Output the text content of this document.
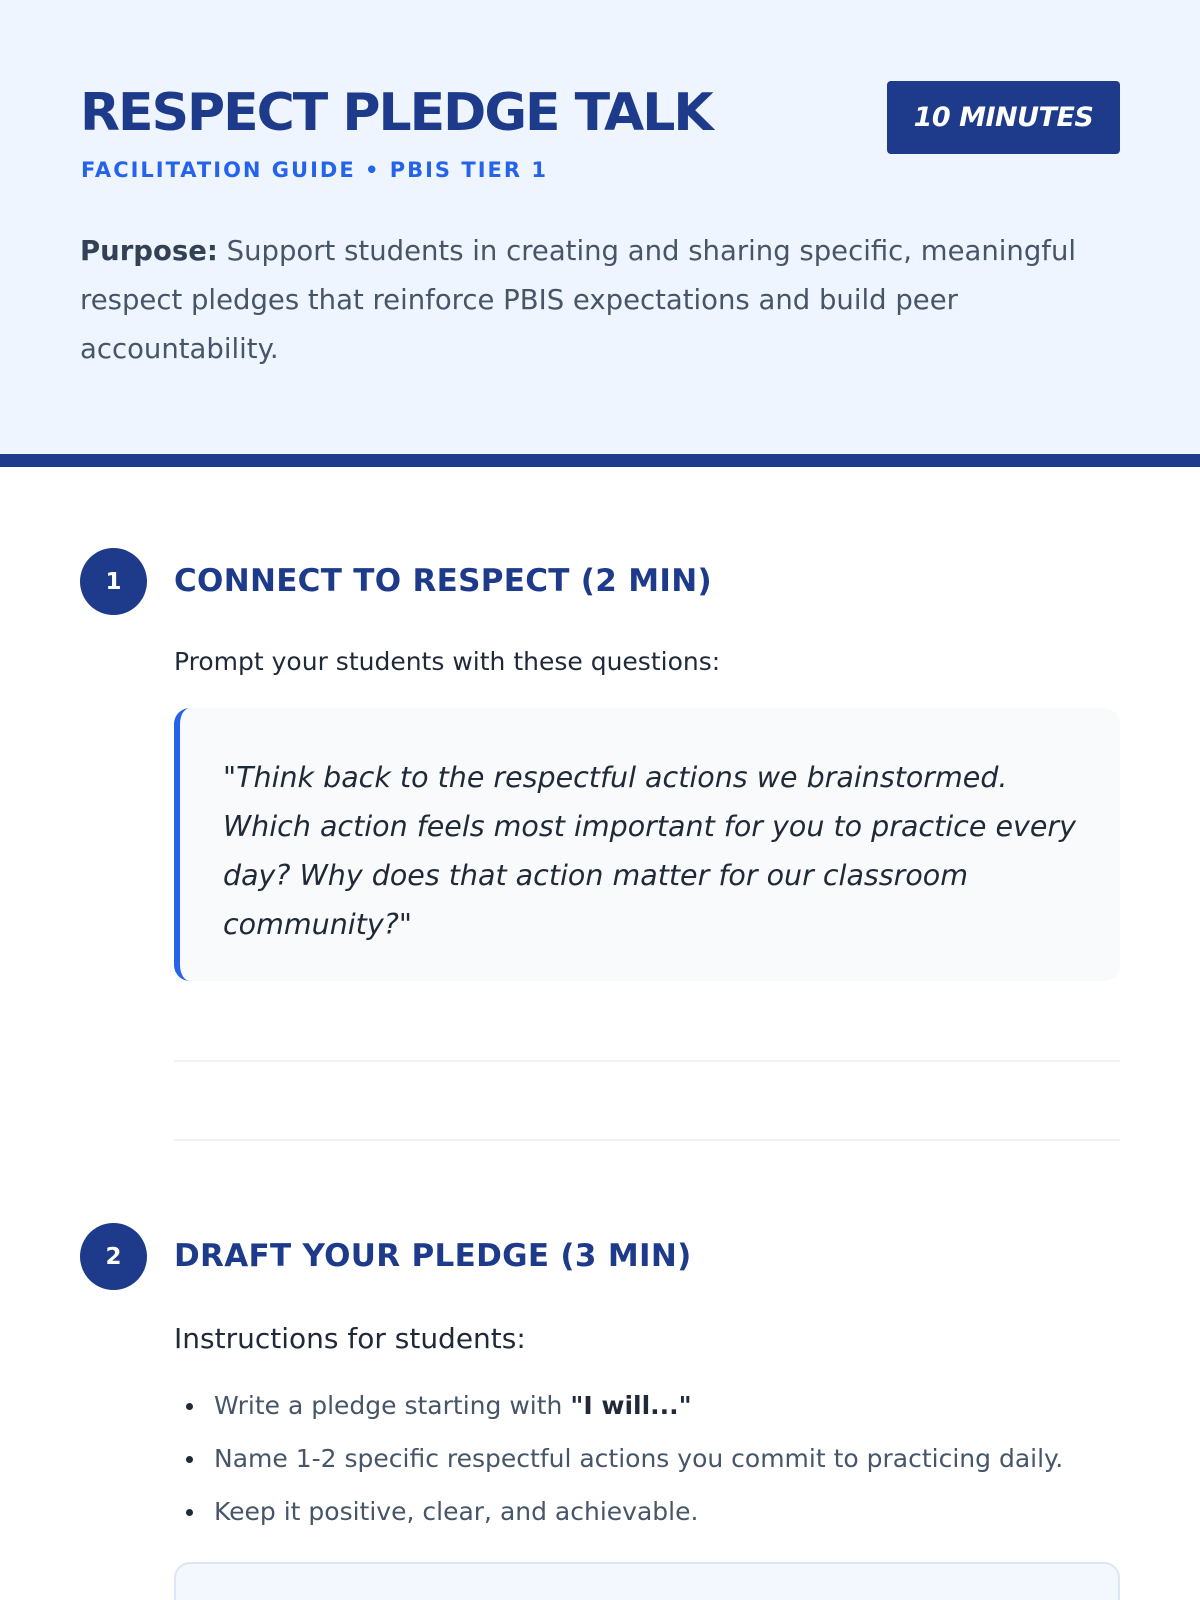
RESPECT PLEDGE TALK
FACILITATION GUIDE • PBIS TIER 1
10 MINUTES

Purpose: Support students in creating and sharing specific, meaningful respect pledges that reinforce PBIS expectations and build peer accountability.

1	CONNECT TO RESPECT (2 MIN)
Prompt your students with these questions:
"Think back to the respectful actions we brainstormed. Which action feels most important for you to practice every day? Why does that action matter for our classroom community?"
2	DRAFT YOUR PLEDGE (3 MIN)
Instructions for students:
Write a pledge starting with "I will..."
Name 1-2 specific respectful actions you commit to practicing daily.
Keep it positive, clear, and achievable.
